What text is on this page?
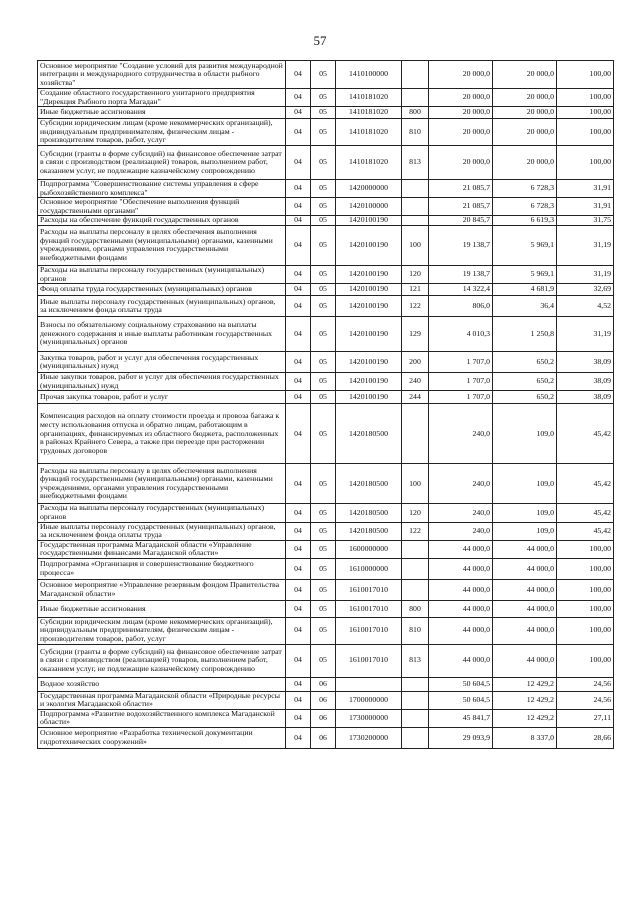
57
Основное мероприятие "Создание условий для развития международной интеграции и международного сотрудничества в области рыбного хозяйства"	04	05	1410100000		20 000,0	20 000,0	100,00
Создание областного государственного унитарного предприятия "Дирекция Рыбного порта Магадан"	04	05	1410181020		20 000,0	20 000,0	100,00
Иные бюджетные ассигнования	04	05	1410181020	800	20 000,0	20 000,0	100,00
Субсидии юридическим лицам (кроме некоммерческих организаций), индивидуальным предпринимателям, физическим лицам - производителям товаров, работ, услуг	04	05	1410181020	810	20 000,0	20 000,0	100,00
Субсидии (гранты в форме субсидий) на финансовое обеспечение затрат в связи с производством (реализацией) товаров, выполнением работ, оказанием услуг, не подлежащие казначейскому сопровождению	04	05	1410181020	813	20 000,0	20 000,0	100,00
Подпрограмма "Совершенствование системы управления в сфере рыбохозяйственного комплекса"	04	05	1420000000		21 085,7	6 728,3	31,91
Основное мероприятие "Обеспечение выполнения функций государственными органами"	04	05	1420100000		21 085,7	6 728,3	31,91
Расходы на обеспечение функций государственных органов	04	05	1420100190		20 845,7	6 619,3	31,75
Расходы на выплаты персоналу в целях обеспечения выполнения функций государственными (муниципальными) органами, казенными учреждениями, органами управления государственными внебюджетными фондами	04	05	1420100190	100	19 138,7	5 969,1	31,19
Расходы на выплаты персоналу государственных (муниципальных) органов	04	05	1420100190	120	19 138,7	5 969,1	31,19
Фонд оплаты труда государственных (муниципальных) органов	04	05	1420100190	121	14 322,4	4 681,9	32,69
Иные выплаты персоналу государственных (муниципальных) органов, за исключением фонда оплаты труда	04	05	1420100190	122	806,0	36,4	4,52
Взносы по обязательному социальному страхованию на выплаты денежного содержания и иные выплаты работникам государственных (муниципальных) органов	04	05	1420100190	129	4 010,3	1 250,8	31,19
Закупка товаров, работ и услуг для обеспечения государственных (муниципальных) нужд	04	05	1420100190	200	1 707,0	650,2	38,09
Иные закупки товаров, работ и услуг для обеспечения государственных (муниципальных) нужд	04	05	1420100190	240	1 707,0	650,2	38,09
Прочая закупка товаров, работ и услуг	04	05	1420100190	244	1 707,0	650,2	38,09
Компенсация расходов на оплату стоимости проезда и провоза багажа к месту использования отпуска и обратно лицам, работающим в организациях, финансируемых из областного бюджета, расположенных в районах Крайнего Севера, а также при переезде при расторжении трудовых договоров	04	05	1420180500		240,0	109,0	45,42
Расходы на выплаты персоналу в целях обеспечения выполнения функций государственными (муниципальными) органами, казенными учреждениями, органами управления государственными внебюджетными фондами	04	05	1420180500	100	240,0	109,0	45,42
Расходы на выплаты персоналу государственных (муниципальных) органов	04	05	1420180500	120	240,0	109,0	45,42
Иные выплаты персоналу государственных (муниципальных) органов, за исключением фонда оплаты труда	04	05	1420180500	122	240,0	109,0	45,42
Государственная программа Магаданской области «Управление государственными финансами Магаданской области»	04	05	1600000000		44 000,0	44 000,0	100,00
Подпрограмма «Организация и совершенствование бюджетного процесса»	04	05	1610000000		44 000,0	44 000,0	100,00
Основное мероприятие «Управление резервным фондом Правительства Магаданской области»	04	05	1610017010		44 000,0	44 000,0	100,00
Иные бюджетные ассигнования	04	05	1610017010	800	44 000,0	44 000,0	100,00
Субсидии юридическим лицам (кроме некоммерческих организаций), индивидуальным предпринимателям, физическим лицам - производителям товаров, работ, услуг	04	05	1610017010	810	44 000,0	44 000,0	100,00
Субсидии (гранты в форме субсидий) на финансовое обеспечение затрат в связи с производством (реализацией) товаров, выполнением работ, оказанием услуг, не подлежащие казначейскому сопровождению	04	05	1610017010	813	44 000,0	44 000,0	100,00
Водное хозяйство	04	06			50 604,5	12 429,2	24,56
Государственная программа Магаданской области «Природные ресурсы и экология Магаданской области»	04	06	1700000000		50 604,5	12 429,2	24,56
Подпрограмма «Развитие водохозяйственного комплекса Магаданской области»	04	06	1730000000		45 841,7	12 429,2	27,11
Основное мероприятие «Разработка технической документации гидротехнических сооружений»	04	06	1730200000		29 093,9	8 337,0	28,66
